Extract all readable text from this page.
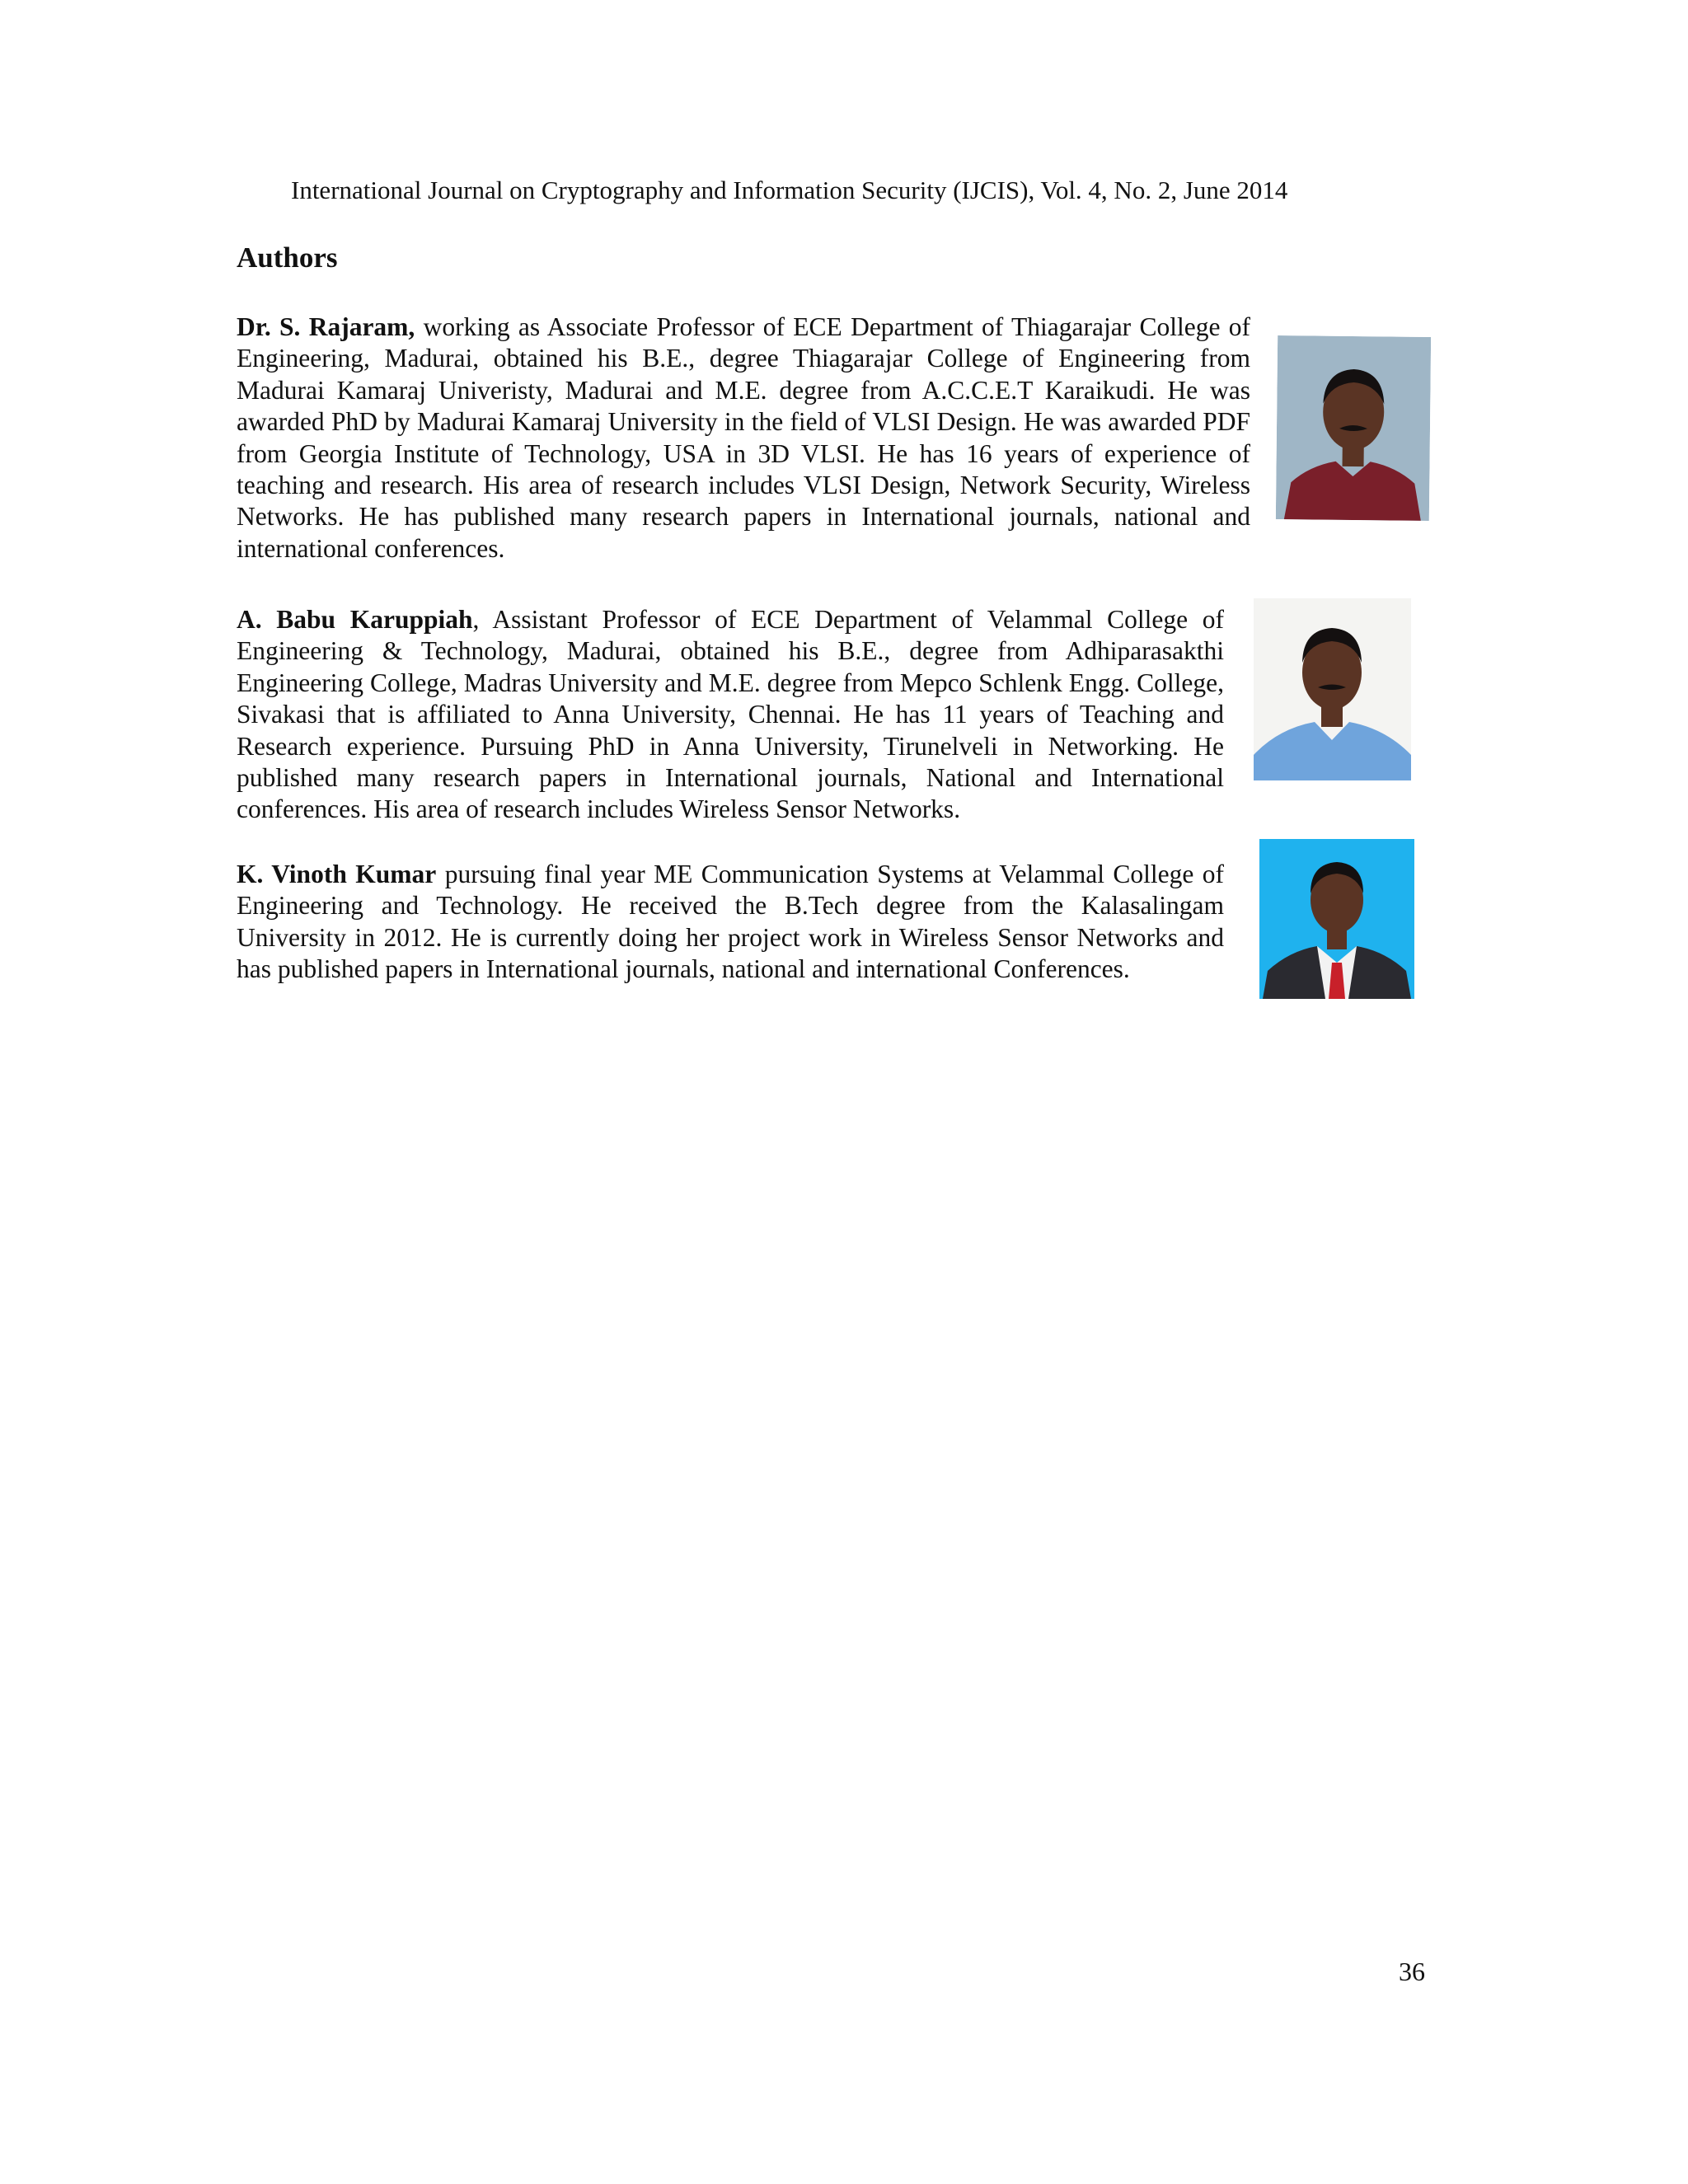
International Journal on Cryptography and Information Security (IJCIS), Vol. 4, No. 2, June 2014
Authors

Dr. S. Rajaram, working as Associate Professor of ECE Department of Thiagarajar College of Engineering, Madurai, obtained his B.E., degree Thiagarajar College of Engineering from Madurai Kamaraj Univeristy, Madurai and M.E. degree from A.C.C.E.T Karaikudi. He was awarded PhD by Madurai Kamaraj University in the field of VLSI Design. He was awarded PDF from Georgia Institute of Technology, USA in 3D VLSI. He has 16 years of experience of teaching and research. His area of research includes VLSI Design, Network Security, Wireless Networks. He has published many research papers in International journals, national and international conferences.

A. Babu Karuppiah, Assistant Professor of ECE Department of Velammal College of Engineering & Technology, Madurai, obtained his B.E., degree from Adhiparasakthi Engineering College, Madras University and M.E. degree from Mepco Schlenk Engg. College, Sivakasi that is affiliated to Anna University, Chennai. He has 11 years of Teaching and Research experience. Pursuing PhD in Anna University, Tirunelveli in Networking. He published many research papers in International journals, National and International conferences. His area of research includes Wireless Sensor Networks.

K. Vinoth Kumar pursuing final year ME Communication Systems at Velammal College of Engineering and Technology. He received the B.Tech degree from the Kalasalingam University in 2012. He is currently doing her project work in Wireless Sensor Networks and has published papers in International journals, national and international Conferences.

36
